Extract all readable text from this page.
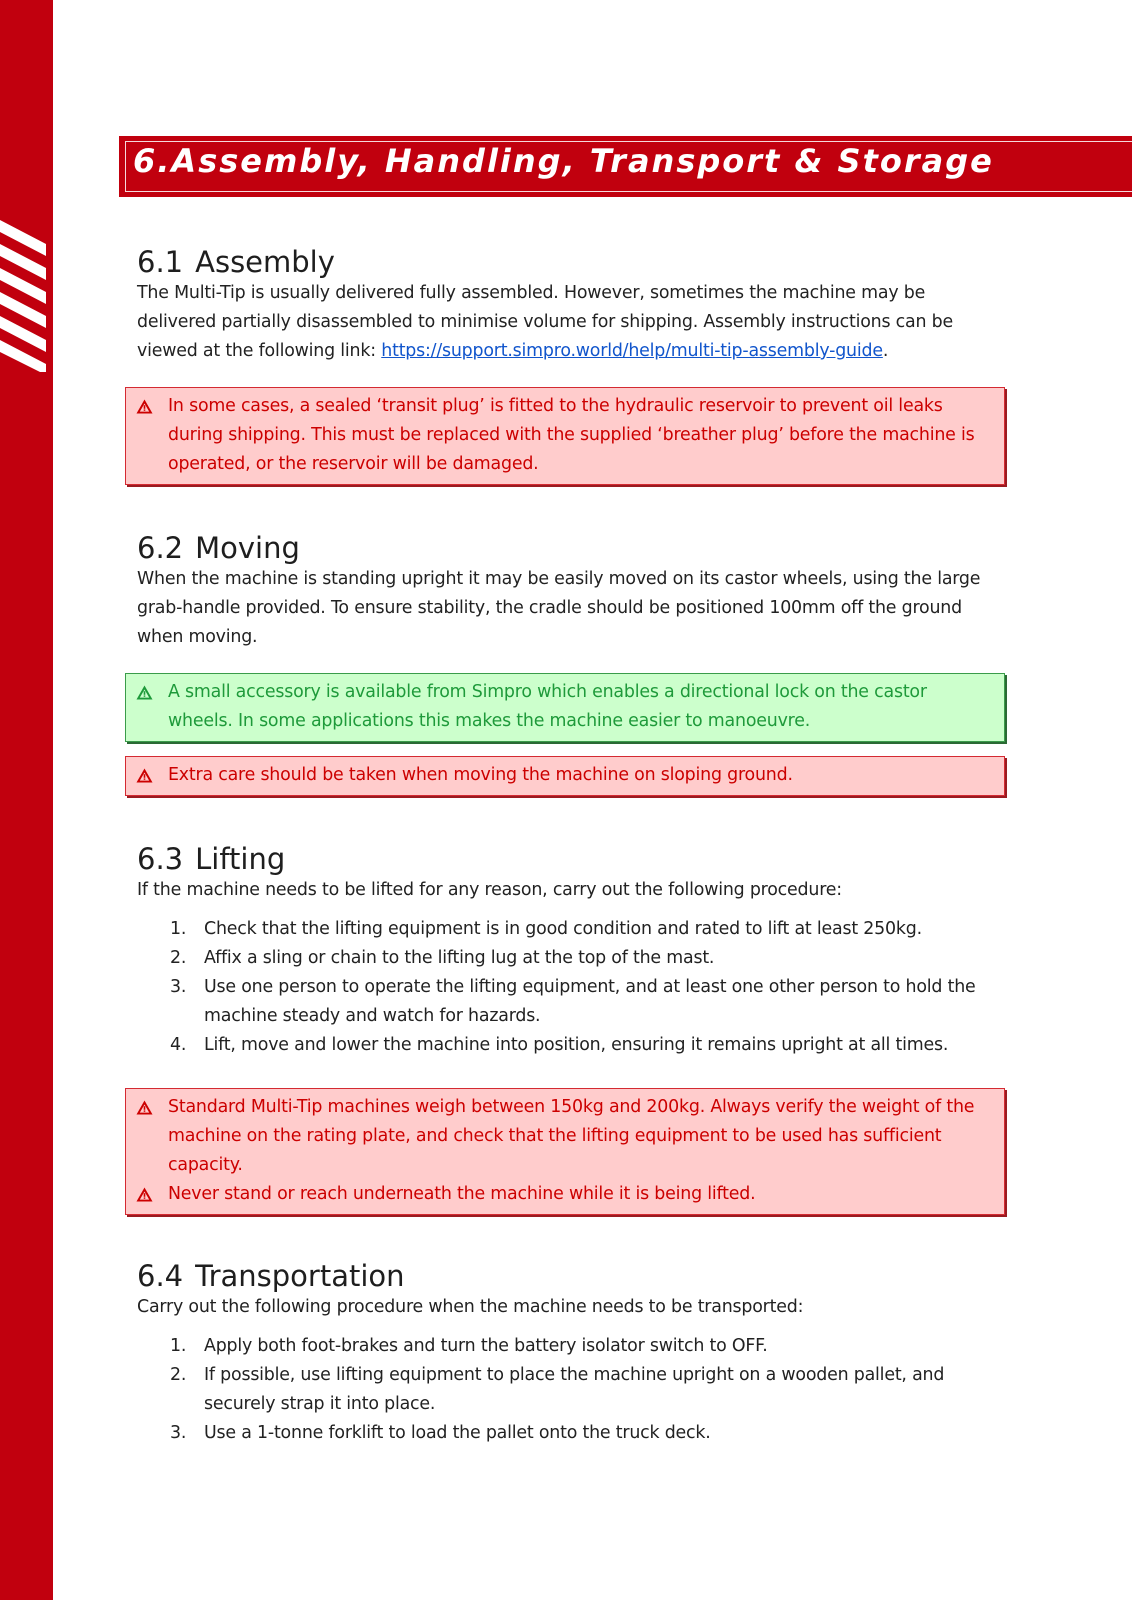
6.Assembly, Handling, Transport & Storage
6.1 Assembly

The Multi-Tip is usually delivered fully assembled. However, sometimes the machine may be delivered partially disassembled to minimise volume for shipping. Assembly instructions can be viewed at the following link: https://support.simpro.world/help/multi-tip-assembly-guide.

In some cases, a sealed ‘transit plug’ is fitted to the hydraulic reservoir to prevent oil leaks during shipping. This must be replaced with the supplied ‘breather plug’ before the machine is operated, or the reservoir will be damaged.
6.2 Moving

When the machine is standing upright it may be easily moved on its castor wheels, using the large grab-handle provided. To ensure stability, the cradle should be positioned 100mm off the ground when moving.

A small accessory is available from Simpro which enables a directional lock on the castor wheels. In some applications this makes the machine easier to manoeuvre.
Extra care should be taken when moving the machine on sloping ground.
6.3 Lifting

If the machine needs to be lifted for any reason, carry out the following procedure:

1. Check that the lifting equipment is in good condition and rated to lift at least 250kg.
2. Affix a sling or chain to the lifting lug at the top of the mast.
3. Use one person to operate the lifting equipment, and at least one other person to hold the machine steady and watch for hazards.
4. Lift, move and lower the machine into position, ensuring it remains upright at all times.
Standard Multi-Tip machines weigh between 150kg and 200kg. Always verify the weight of the machine on the rating plate, and check that the lifting equipment to be used has sufficient capacity.
Never stand or reach underneath the machine while it is being lifted.
6.4 Transportation

Carry out the following procedure when the machine needs to be transported:

1. Apply both foot-brakes and turn the battery isolator switch to OFF.
2. If possible, use lifting equipment to place the machine upright on a wooden pallet, and securely strap it into place.
3. Use a 1-tonne forklift to load the pallet onto the truck deck.
